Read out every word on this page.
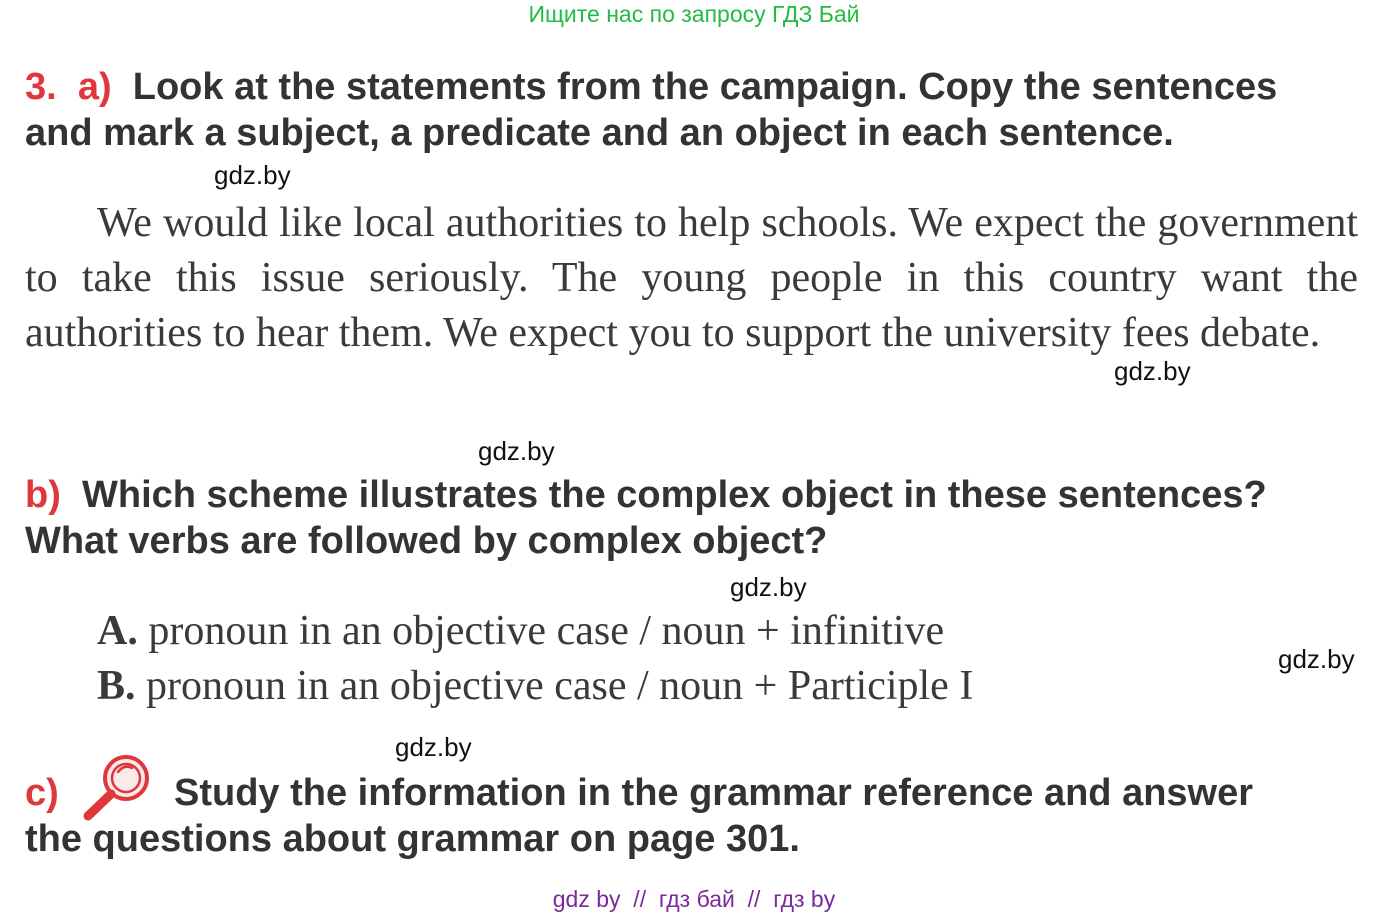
Ищите нас по запросу ГДЗ Бай
3. a) Look at the statements from the campaign. Copy the sentences
and mark a subject, a predicate and an object in each sentence.
gdz.by
We would like local authorities to help schools. We expect the government to take this issue seriously. The young people in this country want the authorities to hear them. We expect you to support the university fees debate.
gdz.by
gdz.by
b) Which scheme illustrates the complex object in these sentences?
What verbs are followed by complex object?
gdz.by
A. pronoun in an objective case / noun + infinitive
B. pronoun in an objective case / noun + Participle I
gdz.by
gdz.by
c)	Study the information in the grammar reference and answer
the questions about grammar on page 301.
gdz by  //  гдз бай  //  гдз by
